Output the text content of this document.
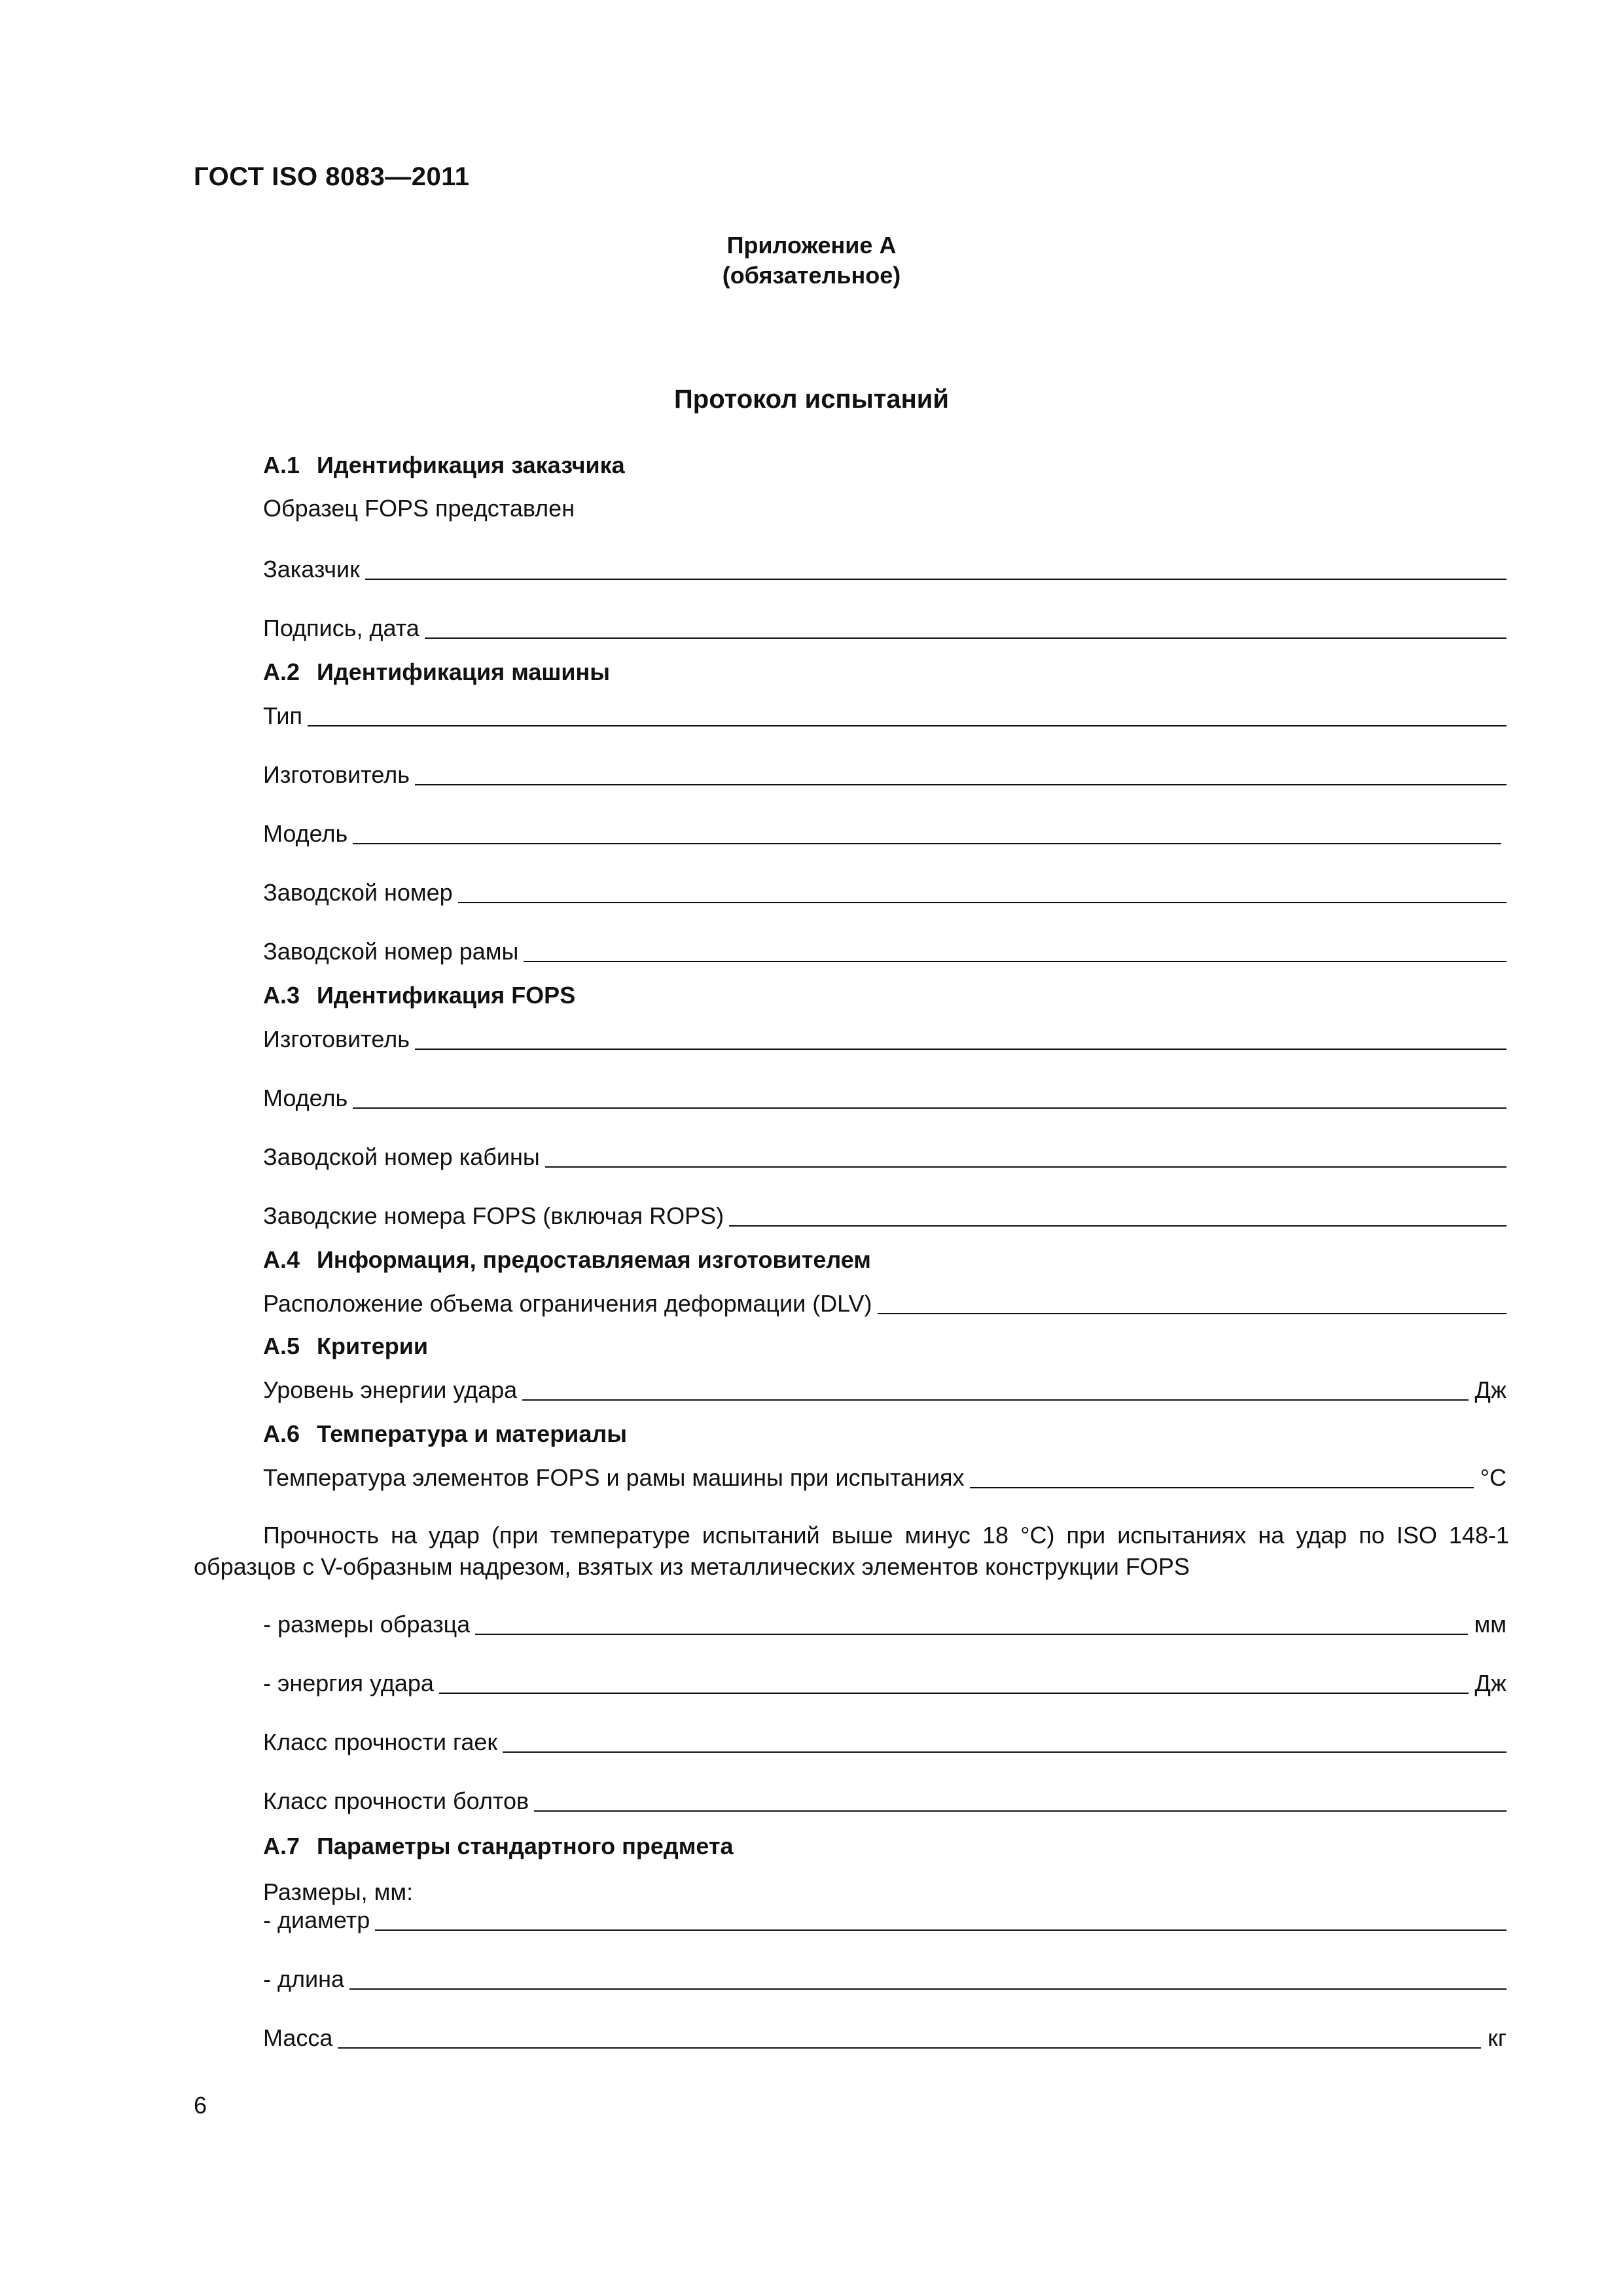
ГОСТ ISO 8083—2011
Приложение А
(обязательное)
Протокол испытаний
А.1 Идентификация заказчика
Образец FOPS представлен
Заказчик
Подпись, дата
А.2 Идентификация машины
Тип
Изготовитель
Модель
Заводской номер
Заводской номер рамы
А.3 Идентификация FOPS
Изготовитель
Модель
Заводской номер кабины
Заводские номера FOPS (включая ROPS)
А.4 Информация, предоставляемая изготовителем
Расположение объема ограничения деформации (DLV)
А.5 Критерии
Уровень энергии удара	Дж
А.6 Температура и материалы
Температура элементов FOPS и рамы машины при испытаниях	°С
Прочность на удар (при температуре испытаний выше минус 18 °С) при испытаниях на удар по ISO 148-1
образцов с V-образным надрезом, взятых из металлических элементов конструкции FOPS
- размеры образца	мм
- энергия удара	Дж
Класс прочности гаек
Класс прочности болтов
А.7 Параметры стандартного предмета
Размеры, мм:
- диаметр
- длина
Масса	кг
6
